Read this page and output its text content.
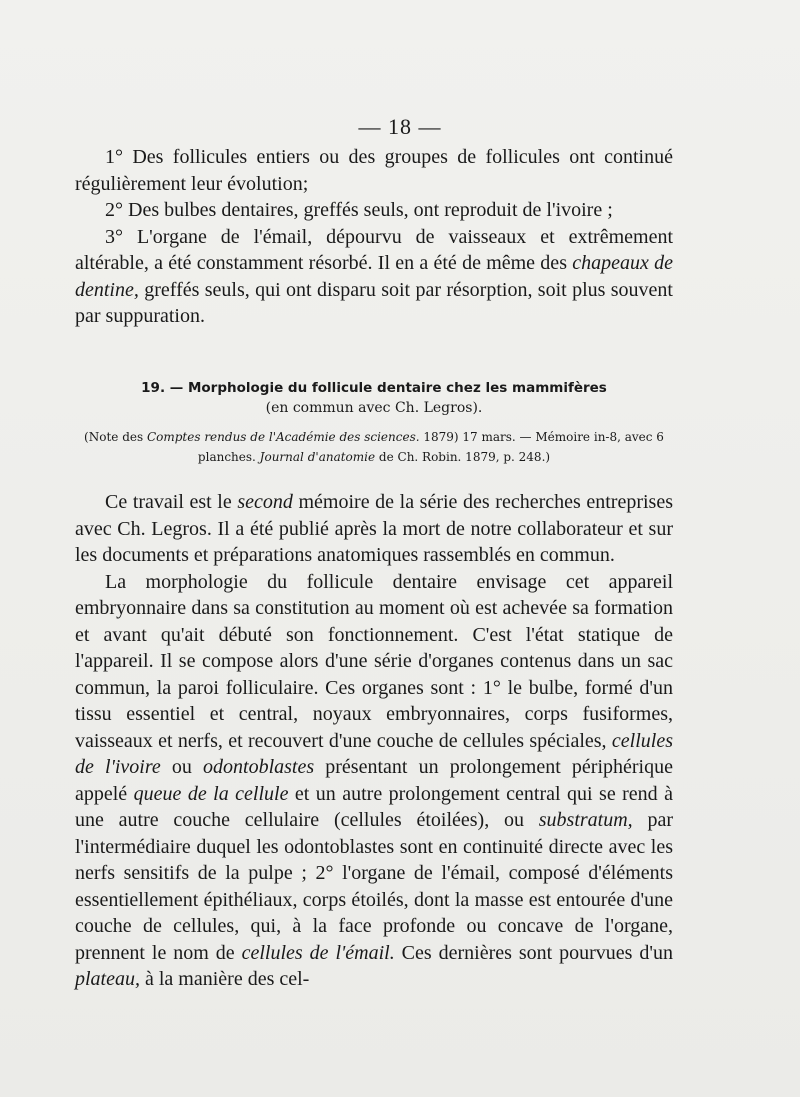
— 18 —

1° Des follicules entiers ou des groupes de follicules ont continué régulièrement leur évolution;

2° Des bulbes dentaires, greffés seuls, ont reproduit de l'ivoire ;

3° L'organe de l'émail, dépourvu de vaisseaux et extrêmement altérable, a été constamment résorbé. Il en a été de même des chapeaux de dentine, greffés seuls, qui ont disparu soit par résorption, soit plus souvent par suppuration.

19. — Morphologie du follicule dentaire chez les mammifères
(en commun avec Ch. Legros).
(Note des Comptes rendus de l'Académie des sciences. 1879) 17 mars. — Mémoire in-8, avec 6 planches. Journal d'anatomie de Ch. Robin. 1879, p. 248.)

Ce travail est le second mémoire de la série des recherches entreprises avec Ch. Legros. Il a été publié après la mort de notre collaborateur et sur les documents et préparations anatomiques rassemblés en commun.

La morphologie du follicule dentaire envisage cet appareil embryonnaire dans sa constitution au moment où est achevée sa formation et avant qu'ait débuté son fonctionnement. C'est l'état statique de l'appareil. Il se compose alors d'une série d'organes contenus dans un sac commun, la paroi folliculaire. Ces organes sont : 1° le bulbe, formé d'un tissu essentiel et central, noyaux embryonnaires, corps fusiformes, vaisseaux et nerfs, et recouvert d'une couche de cellules spéciales, cellules de l'ivoire ou odontoblastes présentant un prolongement périphérique appelé queue de la cellule et un autre prolongement central qui se rend à une autre couche cellulaire (cellules étoilées), ou substratum, par l'intermédiaire duquel les odontoblastes sont en continuité directe avec les nerfs sensitifs de la pulpe ; 2° l'organe de l'émail, composé d'éléments essentiellement épithéliaux, corps étoilés, dont la masse est entourée d'une couche de cellules, qui, à la face profonde ou concave de l'organe, prennent le nom de cellules de l'émail. Ces dernières sont pourvues d'un plateau, à la manière des cel-
